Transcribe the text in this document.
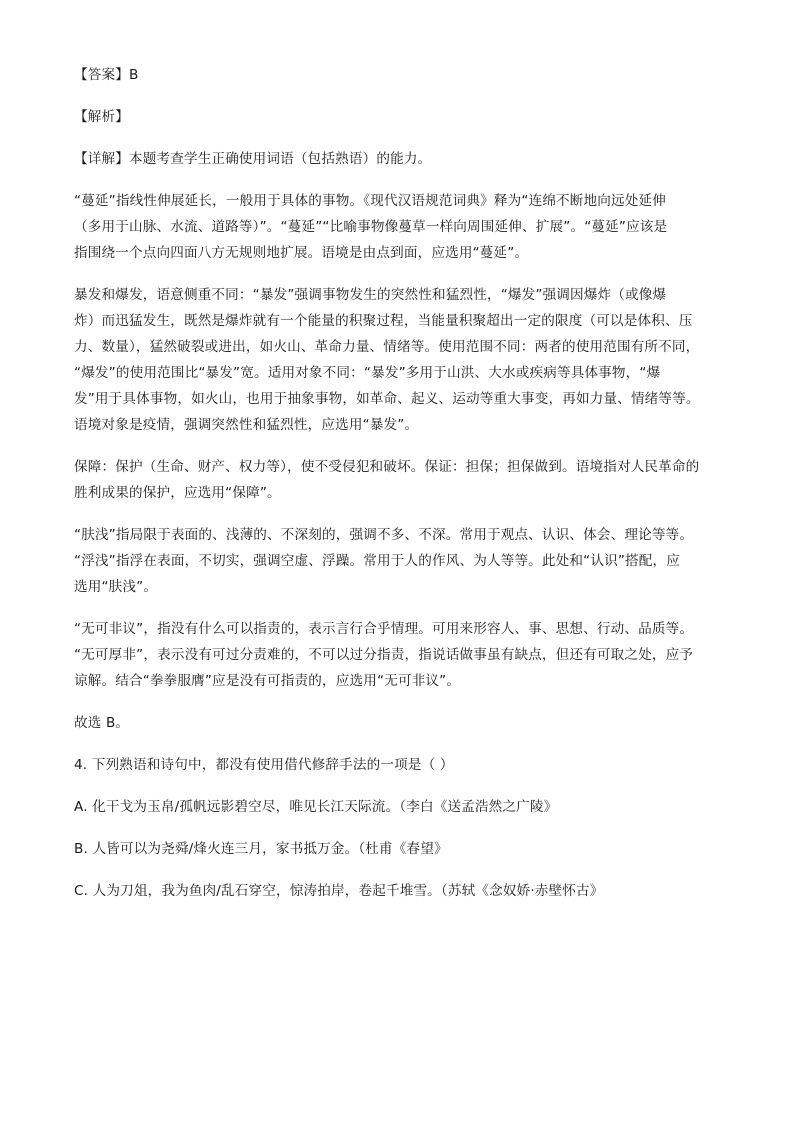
【答案】B

【解析】

【详解】本题考查学生正确使用词语（包括熟语）的能力。

“蔓延”指线性伸展延长，一般用于具体的事物。《现代汉语规范词典》释为“连绵不断地向远处延伸
（多用于山脉、水流、道路等）”。“蔓延”“比喻事物像蔓草一样向周围延伸、扩展”。“蔓延”应该是
指围绕一个点向四面八方无规则地扩展。语境是由点到面，应选用“蔓延”。

暴发和爆发，语意侧重不同：“暴发”强调事物发生的突然性和猛烈性，“爆发”强调因爆炸（或像爆
炸）而迅猛发生，既然是爆炸就有一个能量的积聚过程，当能量积聚超出一定的限度（可以是体积、压
力、数量），猛然破裂或进出，如火山、革命力量、情绪等。使用范围不同：两者的使用范围有所不同，
“爆发”的使用范围比“暴发”宽。适用对象不同：“暴发”多用于山洪、大水或疾病等具体事物，“爆
发”用于具体事物，如火山，也用于抽象事物，如革命、起义、运动等重大事变，再如力量、情绪等等。
语境对象是疫情，强调突然性和猛烈性，应选用“暴发”。

保障：保护（生命、财产、权力等），使不受侵犯和破坏。保证：担保；担保做到。语境指对人民革命的
胜利成果的保护，应选用“保障”。

“肤浅”指局限于表面的、浅薄的、不深刻的，强调不多、不深。常用于观点、认识、体会、理论等等。
“浮浅”指浮在表面，不切实，强调空虚、浮躁。常用于人的作风、为人等等。此处和“认识”搭配，应
选用“肤浅”。

“无可非议”，指没有什么可以指责的，表示言行合乎情理。可用来形容人、事、思想、行动、品质等。
“无可厚非”，表示没有可过分责难的，不可以过分指责，指说话做事虽有缺点，但还有可取之处，应予
谅解。结合“拳拳服膺”应是没有可指责的，应选用“无可非议”。

故选 B。

4. 下列熟语和诗句中，都没有使用借代修辞手法的一项是（ ）

A. 化干戈为玉帛/孤帆远影碧空尽，唯见长江天际流。（李白《送孟浩然之广陵》

B. 人皆可以为尧舜/烽火连三月，家书抵万金。（杜甫《春望》

C. 人为刀俎，我为鱼肉/乱石穿空，惊涛拍岸，卷起千堆雪。（苏轼《念奴娇·赤壁怀古》
